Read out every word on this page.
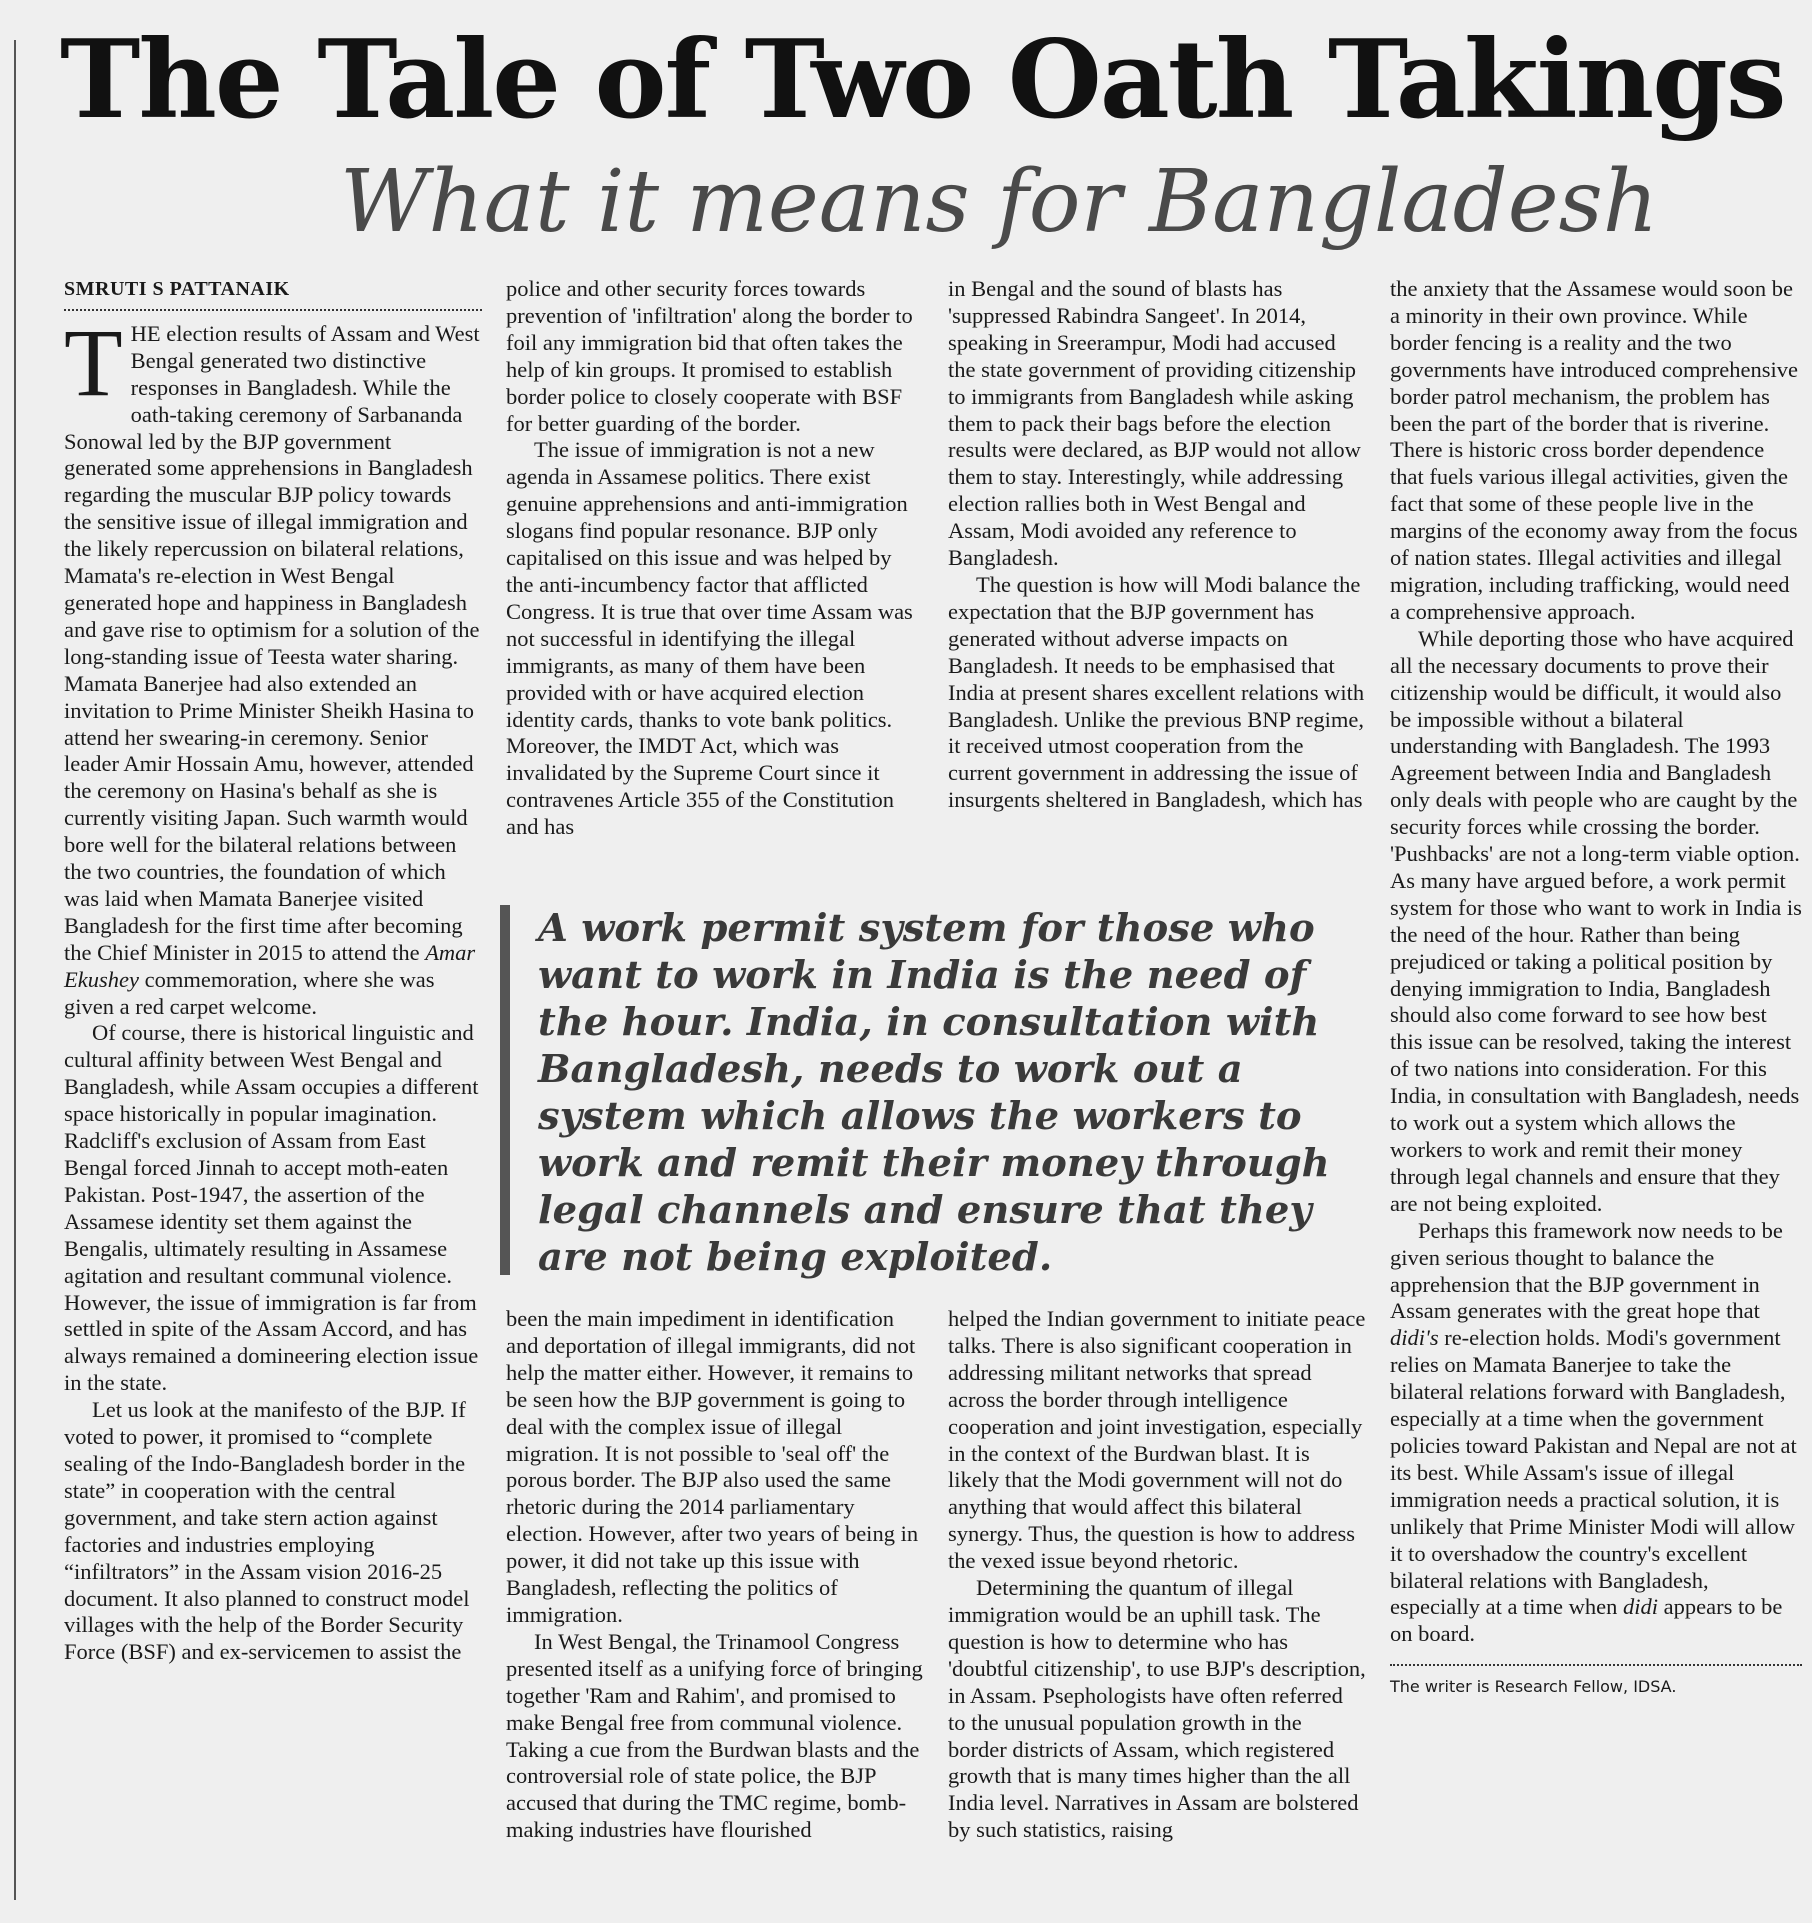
The Tale of Two Oath Takings
What it means for Bangladesh
SMRUTI S PATTANAIK

THE election results of Assam and West Bengal generated two distinctive responses in Bangladesh. While the oath-taking ceremony of Sarbananda Sonowal led by the BJP government generated some apprehensions in Bangladesh regarding the muscular BJP policy towards the sensitive issue of illegal immigration and the likely repercussion on bilateral relations, Mamata's re-election in West Bengal generated hope and happiness in Bangladesh and gave rise to optimism for a solution of the long-standing issue of Teesta water sharing. Mamata Banerjee had also extended an invitation to Prime Minister Sheikh Hasina to attend her swearing-in ceremony. Senior leader Amir Hossain Amu, however, attended the ceremony on Hasina's behalf as she is currently visiting Japan. Such warmth would bore well for the bilateral relations between the two countries, the foundation of which was laid when Mamata Banerjee visited Bangladesh for the first time after becoming the Chief Minister in 2015 to attend the Amar Ekushey commemoration, where she was given a red carpet welcome.

Of course, there is historical linguistic and cultural affinity between West Bengal and Bangladesh, while Assam occupies a different space historically in popular imagination. Radcliff's exclusion of Assam from East Bengal forced Jinnah to accept moth-eaten Pakistan. Post-1947, the assertion of the Assamese identity set them against the Bengalis, ultimately resulting in Assamese agitation and resultant communal violence. However, the issue of immigration is far from settled in spite of the Assam Accord, and has always remained a domineering election issue in the state.

Let us look at the manifesto of the BJP. If voted to power, it promised to “complete sealing of the Indo-Bangladesh border in the state” in cooperation with the central government, and take stern action against factories and industries employing “infiltrators” in the Assam vision 2016-25 document. It also planned to construct model villages with the help of the Border Security Force (BSF) and ex-servicemen to assist the

police and other security forces towards prevention of 'infiltration' along the border to foil any immigration bid that often takes the help of kin groups. It promised to establish border police to closely cooperate with BSF for better guarding of the border.

The issue of immigration is not a new agenda in Assamese politics. There exist genuine apprehensions and anti-immigration slogans find popular resonance. BJP only capitalised on this issue and was helped by the anti-incumbency factor that afflicted Congress. It is true that over time Assam was not successful in identifying the illegal immigrants, as many of them have been provided with or have acquired election identity cards, thanks to vote bank politics. Moreover, the IMDT Act, which was invalidated by the Supreme Court since it contravenes Article 355 of the Constitution and has

in Bengal and the sound of blasts has 'suppressed Rabindra Sangeet'. In 2014, speaking in Sreerampur, Modi had accused the state government of providing citizenship to immigrants from Bangladesh while asking them to pack their bags before the election results were declared, as BJP would not allow them to stay. Interestingly, while addressing election rallies both in West Bengal and Assam, Modi avoided any reference to Bangladesh.

The question is how will Modi balance the expectation that the BJP government has generated without adverse impacts on Bangladesh. It needs to be emphasised that India at present shares excellent relations with Bangladesh. Unlike the previous BNP regime, it received utmost cooperation from the current government in addressing the issue of insurgents sheltered in Bangladesh, which has

A work permit system for those who want to work in India is the need of the hour. India, in consultation with Bangladesh, needs to work out a system which allows the workers to work and remit their money through legal channels and ensure that they are not being exploited.

been the main impediment in identification and deportation of illegal immigrants, did not help the matter either. However, it remains to be seen how the BJP government is going to deal with the complex issue of illegal migration. It is not possible to 'seal off' the porous border. The BJP also used the same rhetoric during the 2014 parliamentary election. However, after two years of being in power, it did not take up this issue with Bangladesh, reflecting the politics of immigration.

In West Bengal, the Trinamool Congress presented itself as a unifying force of bringing together 'Ram and Rahim', and promised to make Bengal free from communal violence. Taking a cue from the Burdwan blasts and the controversial role of state police, the BJP accused that during the TMC regime, bomb-making industries have flourished

helped the Indian government to initiate peace talks. There is also significant cooperation in addressing militant networks that spread across the border through intelligence cooperation and joint investigation, especially in the context of the Burdwan blast. It is likely that the Modi government will not do anything that would affect this bilateral synergy. Thus, the question is how to address the vexed issue beyond rhetoric.

Determining the quantum of illegal immigration would be an uphill task. The question is how to determine who has 'doubtful citizenship', to use BJP's description, in Assam. Psephologists have often referred to the unusual population growth in the border districts of Assam, which registered growth that is many times higher than the all India level. Narratives in Assam are bolstered by such statistics, raising

the anxiety that the Assamese would soon be a minority in their own province. While border fencing is a reality and the two governments have introduced comprehensive border patrol mechanism, the problem has been the part of the border that is riverine. There is historic cross border dependence that fuels various illegal activities, given the fact that some of these people live in the margins of the economy away from the focus of nation states. Illegal activities and illegal migration, including trafficking, would need a comprehensive approach.

While deporting those who have acquired all the necessary documents to prove their citizenship would be difficult, it would also be impossible without a bilateral understanding with Bangladesh. The 1993 Agreement between India and Bangladesh only deals with people who are caught by the security forces while crossing the border. 'Pushbacks' are not a long-term viable option. As many have argued before, a work permit system for those who want to work in India is the need of the hour. Rather than being prejudiced or taking a political position by denying immigration to India, Bangladesh should also come forward to see how best this issue can be resolved, taking the interest of two nations into consideration. For this India, in consultation with Bangladesh, needs to work out a system which allows the workers to work and remit their money through legal channels and ensure that they are not being exploited.

Perhaps this framework now needs to be given serious thought to balance the apprehension that the BJP government in Assam generates with the great hope that didi's re-election holds. Modi's government relies on Mamata Banerjee to take the bilateral relations forward with Bangladesh, especially at a time when the government policies toward Pakistan and Nepal are not at its best. While Assam's issue of illegal immigration needs a practical solution, it is unlikely that Prime Minister Modi will allow it to overshadow the country's excellent bilateral relations with Bangladesh, especially at a time when didi appears to be on board.

The writer is Research Fellow, IDSA.
